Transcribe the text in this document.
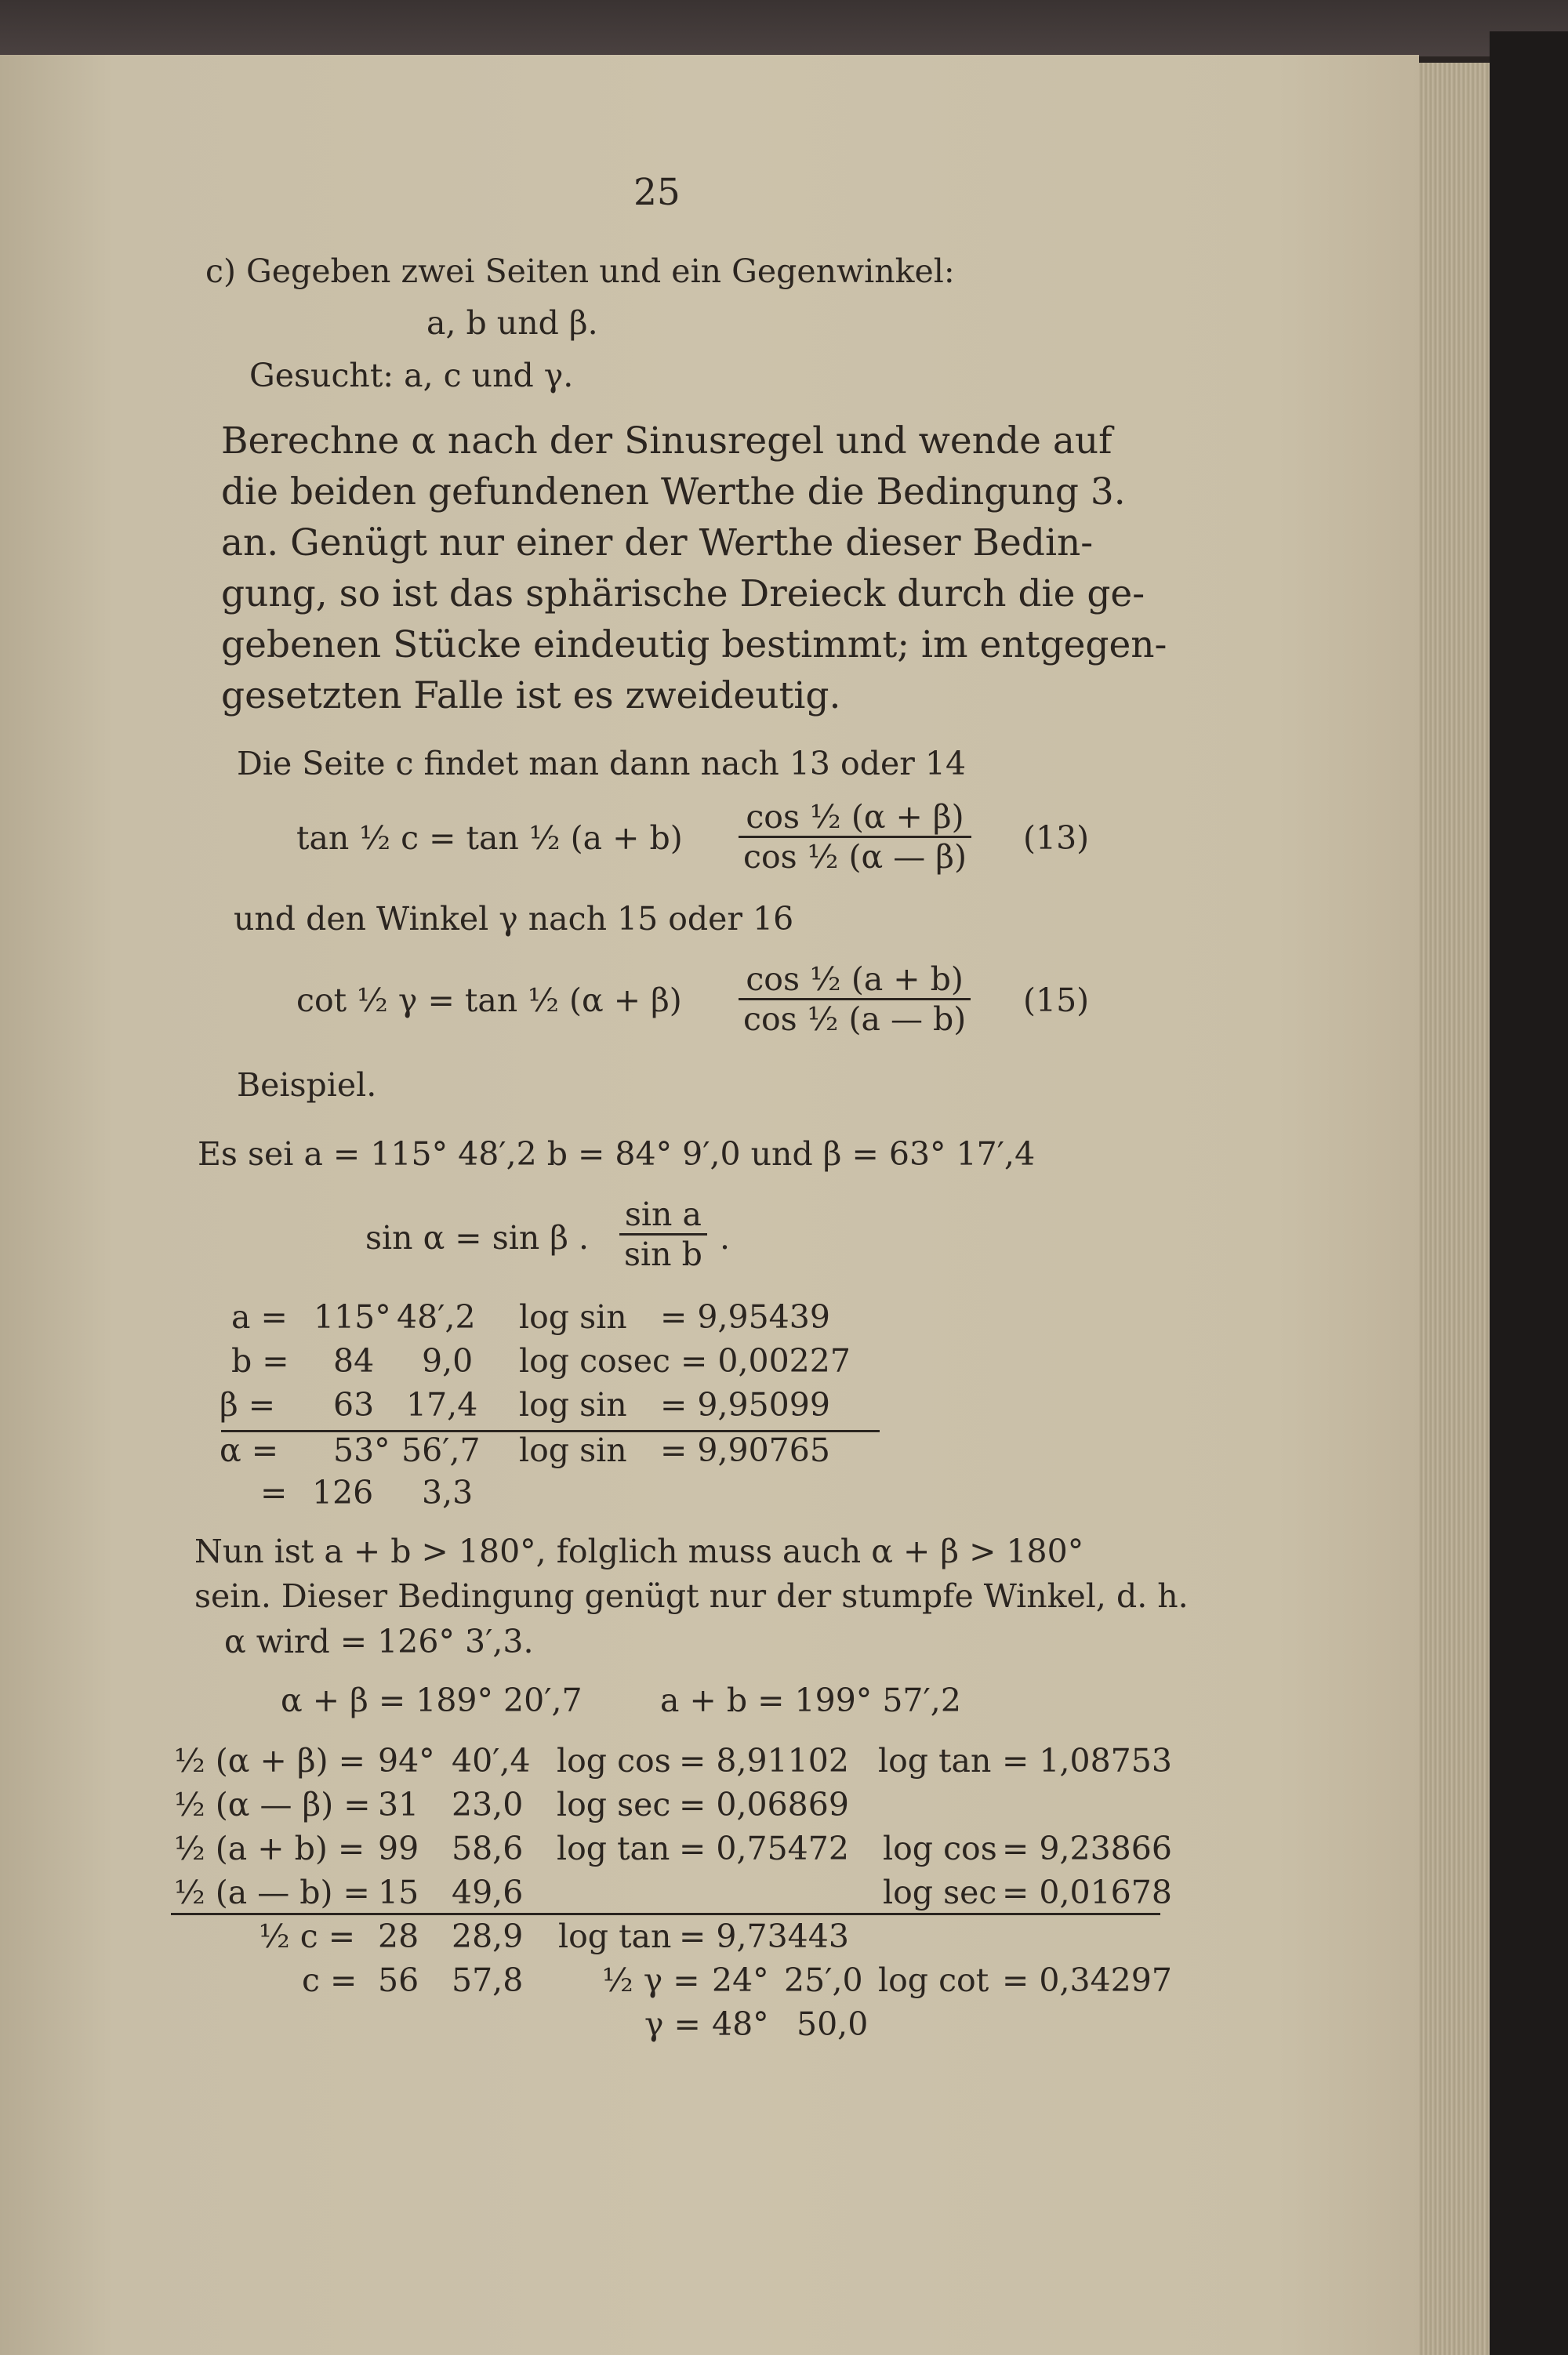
25
c) Gegeben zwei Seiten und ein Gegenwinkel:
a, b und β.
Gesucht: a, c und γ.
Berechne α nach der Sinusregel und wende auf
die beiden gefundenen Werthe die Bedingung 3.
an. Genügt nur einer der Werthe dieser Bedin-
gung, so ist das sphärische Dreieck durch die ge-
gebenen Stücke eindeutig bestimmt; im entgegen-
gesetzten Falle ist es zweideutig.
Die Seite c findet man dann nach 13 oder 14
tan ½ c = tan ½ $(a + b) \frac{\text{cos ½ (α + β)}}{\text{cos ½ (α — β)}} (13)$
und den Winkel γ nach 15 oder 16
cot ½ γ = tan ½ $(\alpha + \beta) \frac{\text{cos ½ (a + b)}}{\text{cos ½ (a — b)}} (15)$
Beispiel.
Es sei a = 115° 48′,2 b = 84° 9′,0 und β = 63° 17′,4
sin α = sin β . $\frac{\text{sin a}}{\text{sin b}}$ .
a = 115° 48′,2 log sin = 9,95439
b = 84 9,0 log cosec = 0,00227
β = 63 17,4 log sin = 9,95099
α = 53° 56′,7 log sin = 9,90765
= 126 3,3
Nun ist a + b > 180°, folglich muss auch α + β > 180°
sein. Dieser Bedingung genügt nur der stumpfe Winkel, d. h.
α wird = 126° 3′,3.
α + β = 189° 20′,7 a + b = 199° 57′,2
½ (α + β) = 94° 40′,4 log cos = 8,91102 log tan = 1,08753
½ (α — β) = 31 23,0 log sec = 0,06869
½ (a + b) = 99 58,6 log tan = 0,75472 log cos = 9,23866
½ (a — b) = 15 49,6	log sec = 0,01678
½ c = 28 28,9 log tan = 9,73443
c = 56 57,8 ½ γ = 24° 25′,0 log cot = 0,34297
γ = 48° 50,0
